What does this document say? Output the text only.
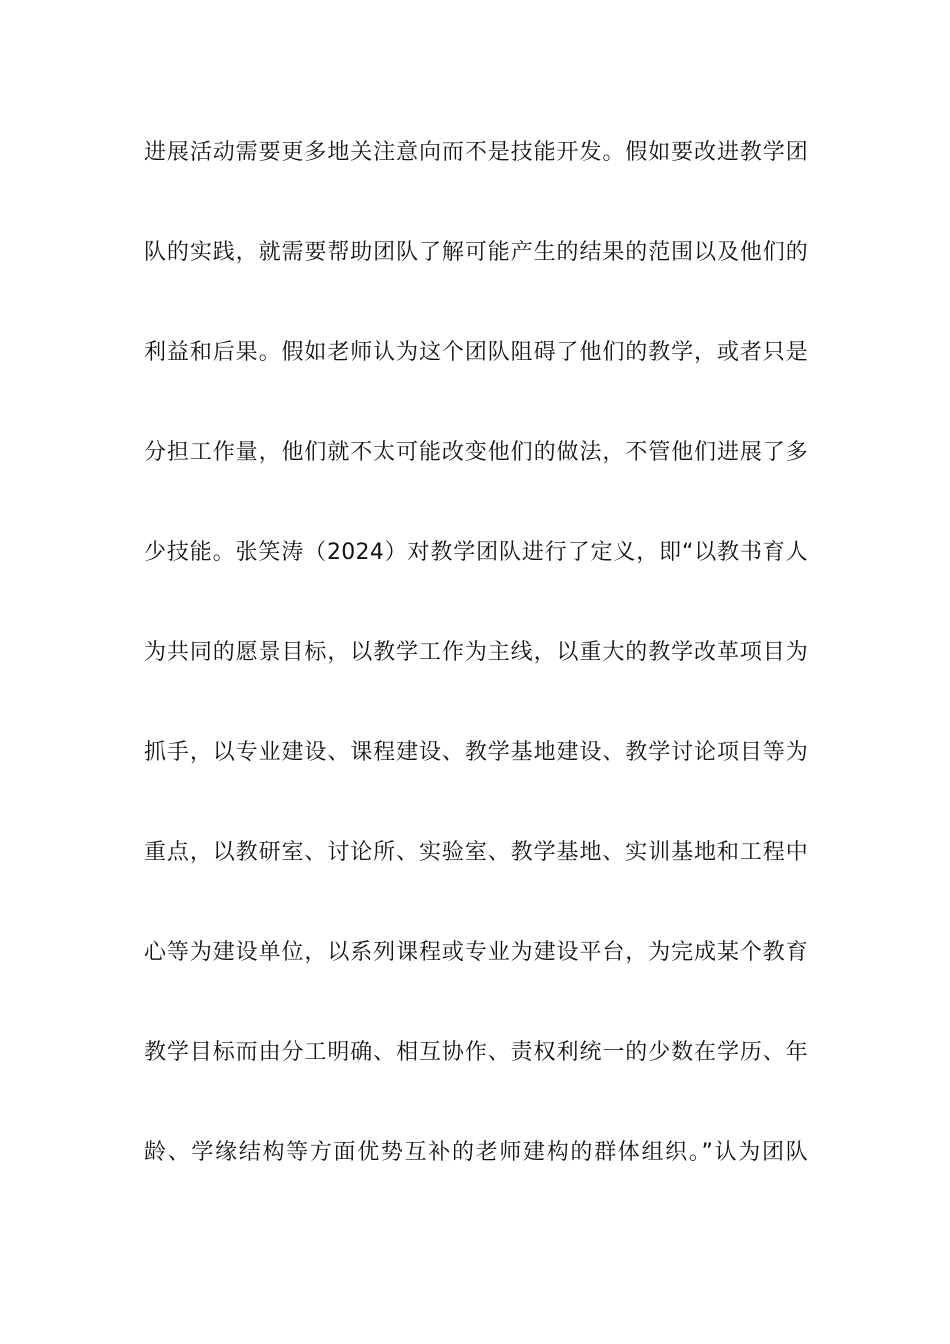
进展活动需要更多地关注意向而不是技能开发。假如要改进教学团
队的实践，就需要帮助团队了解可能产生的结果的范围以及他们的
利益和后果。假如老师认为这个团队阻碍了他们的教学，或者只是
分担工作量，他们就不太可能改变他们的做法，不管他们进展了多
少技能。张笑涛（2024）对教学团队进行了定义，即“以教书育人
为共同的愿景目标，以教学工作为主线，以重大的教学改革项目为
抓手，以专业建设、课程建设、教学基地建设、教学讨论项目等为
重点，以教研室、讨论所、实验室、教学基地、实训基地和工程中
心等为建设单位，以系列课程或专业为建设平台，为完成某个教育
教学目标而由分工明确、相互协作、责权利统一的少数在学历、年
龄、学缘结构等方面优势互补的老师建构的群体组织。”认为团队
